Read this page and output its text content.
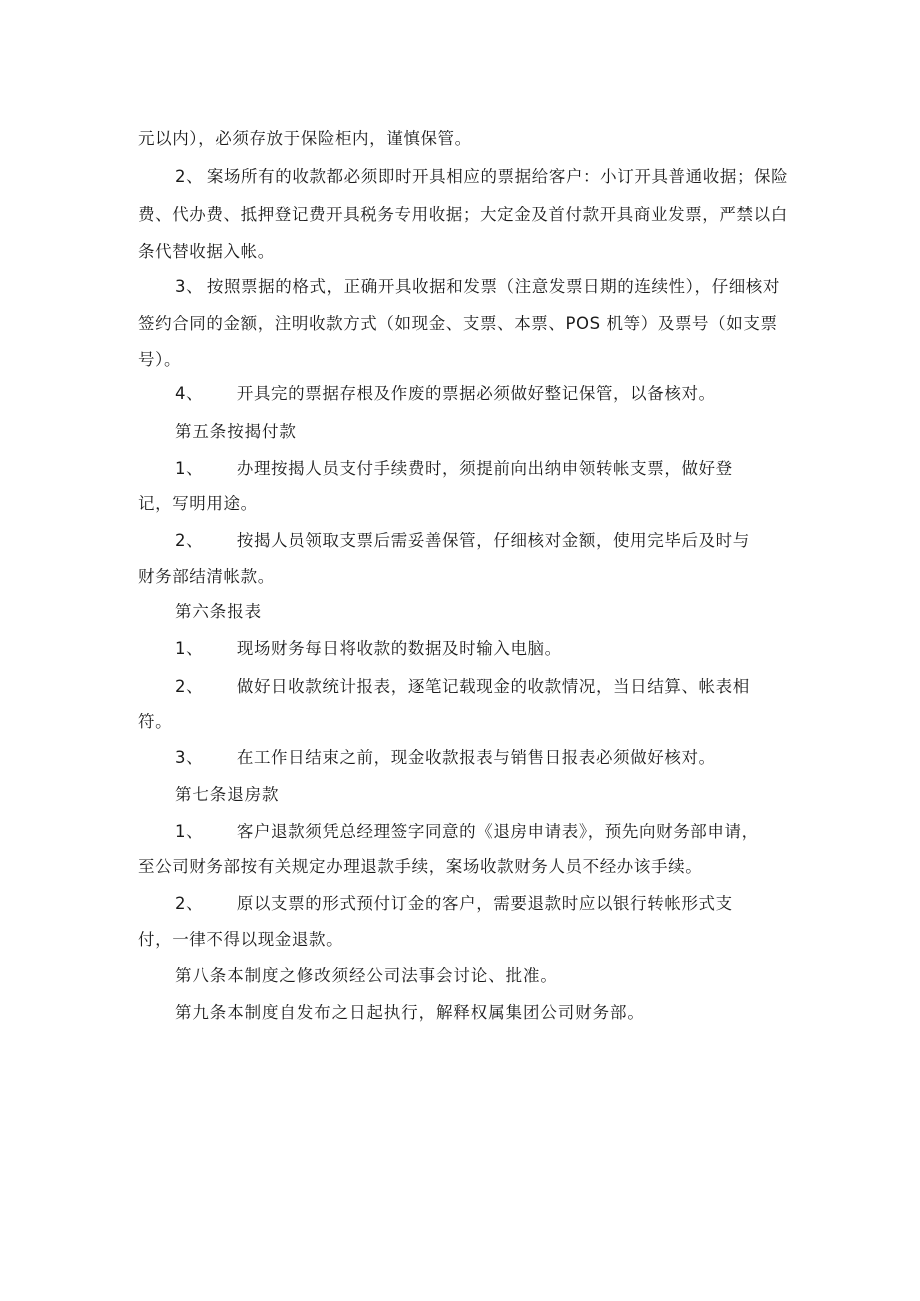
元以内），必须存放于保险柜内，谨慎保管。
2、 案场所有的收款都必须即时开具相应的票据给客户：小订开具普通收据；保险
费、代办费、抵押登记费开具税务专用收据；大定金及首付款开具商业发票，严禁以白
条代替收据入帐。
3、 按照票据的格式，正确开具收据和发票（注意发票日期的连续性），仔细核对
签约合同的金额，注明收款方式（如现金、支票、本票、POS 机等）及票号（如支票
号）。
4、 开具完的票据存根及作废的票据必须做好整记保管，以备核对。
第五条按揭付款
1、 办理按揭人员支付手续费时，须提前向出纳申领转帐支票，做好登
记，写明用途。
2、 按揭人员领取支票后需妥善保管，仔细核对金额，使用完毕后及时与
财务部结清帐款。
第六条报表
1、 现场财务每日将收款的数据及时输入电脑。
2、 做好日收款统计报表，逐笔记载现金的收款情况，当日结算、帐表相
符。
3、 在工作日结束之前，现金收款报表与销售日报表必须做好核对。
第七条退房款
1、 客户退款须凭总经理签字同意的《退房申请表》，预先向财务部申请，
至公司财务部按有关规定办理退款手续，案场收款财务人员不经办该手续。
2、 原以支票的形式预付订金的客户，需要退款时应以银行转帐形式支
付，一律不得以现金退款。
第八条本制度之修改须经公司法事会讨论、批准。
第九条本制度自发布之日起执行，解释权属集团公司财务部。
